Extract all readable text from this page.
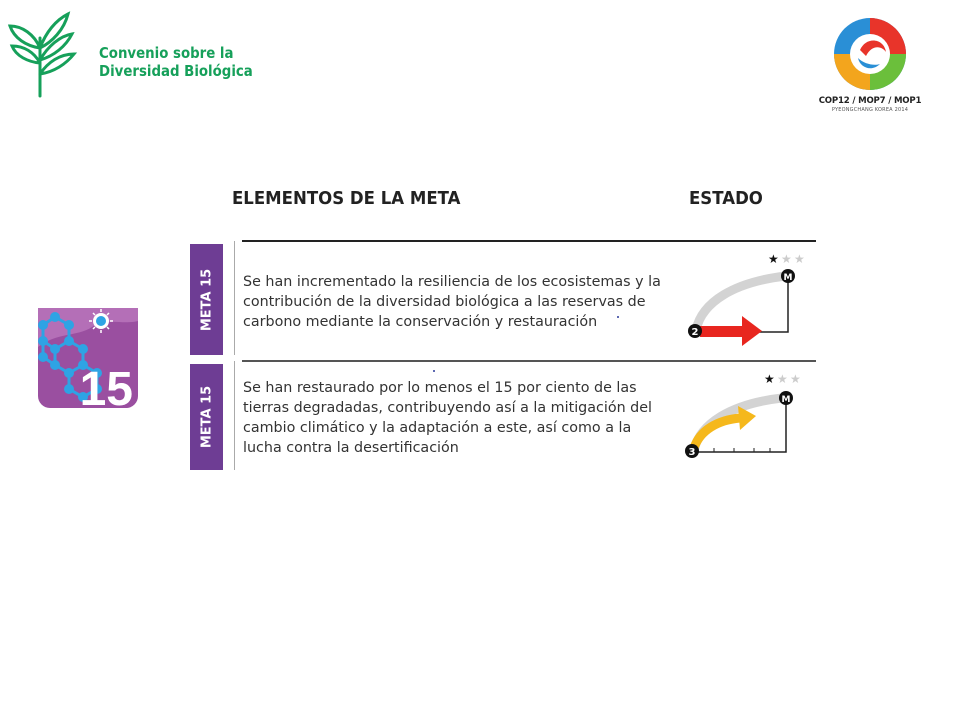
Convenio sobre la
Diversidad Biológica
COP12 / MOP7 / MOP1
PYEONGCHANG KOREA 2014
15
ELEMENTOS DE LA META	ESTADO
META 15 Se han incrementado la resiliencia de los ecosistemas y la contribución de la diversidad biológica a las reservas de carbono mediante la conservación y restauración
★ ★ ★
2
M
META 15 Se han restaurado por lo menos el 15 por ciento de las tierras degradadas, contribuyendo así a la mitigación del cambio climático y la adaptación a este, así como a la lucha contra la desertificación
★ ★ ★
3
M
